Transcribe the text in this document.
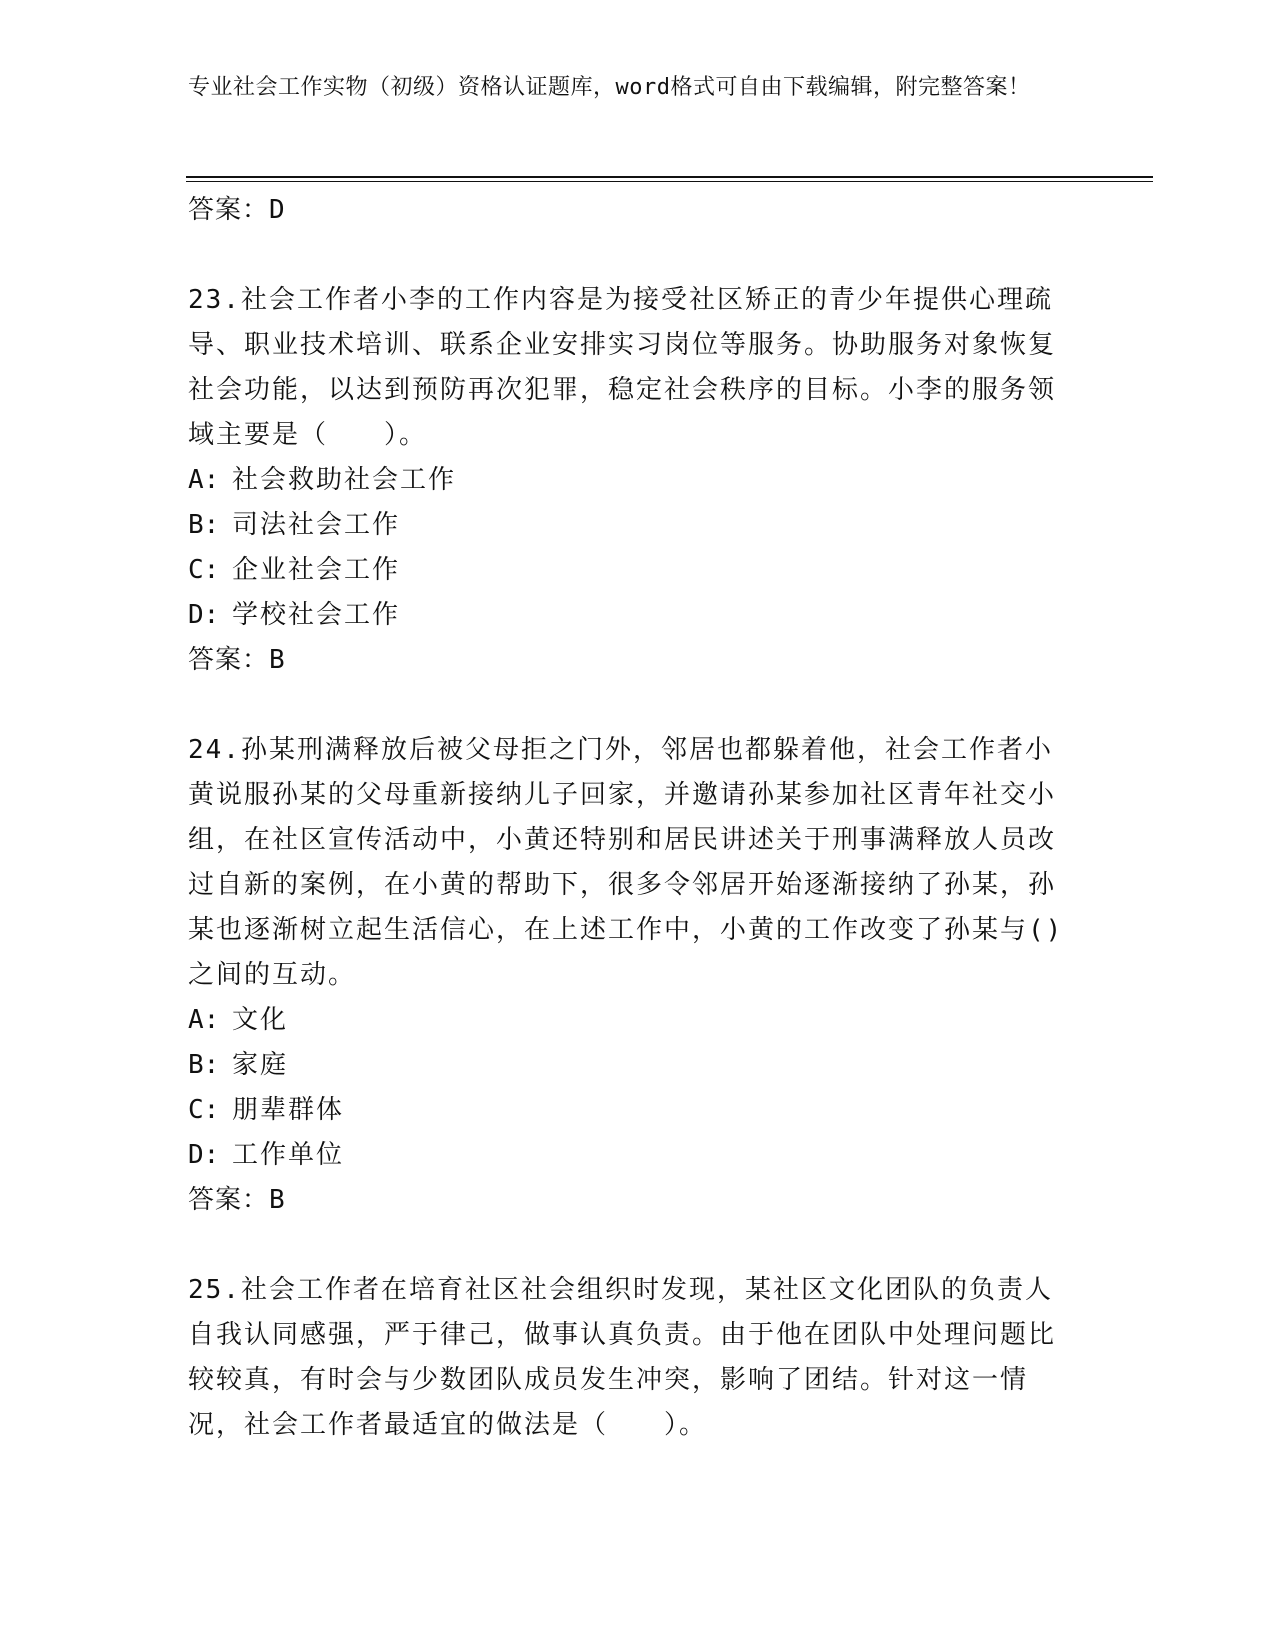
专业社会工作实物（初级）资格认证题库，word格式可自由下载编辑，附完整答案！

答案：D

23.社会工作者小李的工作内容是为接受社区矫正的青少年提供心理疏导、职业技术培训、联系企业安排实习岗位等服务。协助服务对象恢复社会功能，以达到预防再次犯罪，稳定社会秩序的目标。小李的服务领域主要是（　　）。

A: 社会救助社会工作

B: 司法社会工作

C: 企业社会工作

D: 学校社会工作

答案：B

24.孙某刑满释放后被父母拒之门外，邻居也都躲着他，社会工作者小黄说服孙某的父母重新接纳儿子回家，并邀请孙某参加社区青年社交小组，在社区宣传活动中，小黄还特别和居民讲述关于刑事满释放人员改过自新的案例，在小黄的帮助下，很多令邻居开始逐渐接纳了孙某，孙某也逐渐树立起生活信心，在上述工作中，小黄的工作改变了孙某与()之间的互动。

A: 文化

B: 家庭

C: 朋辈群体

D: 工作单位

答案：B

25.社会工作者在培育社区社会组织时发现，某社区文化团队的负责人自我认同感强，严于律己，做事认真负责。由于他在团队中处理问题比较较真，有时会与少数团队成员发生冲突，影响了团结。针对这一情况，社会工作者最适宜的做法是（　　）。
